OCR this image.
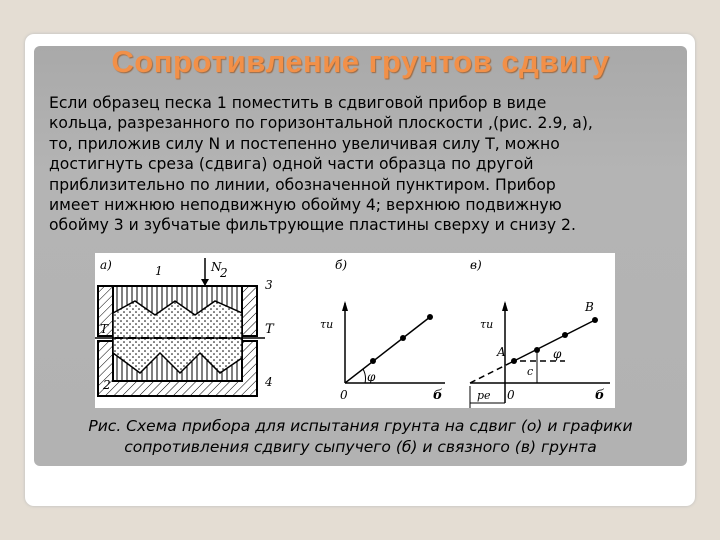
Сопротивление грунтов сдвигу
Если образец песка 1 поместить в сдвиговой прибор в виде
кольца, разрезанного по горизонтальной плоскости ,(рис. 2.9, а),
то, приложив силу N и постепенно увеличивая силу Т, можно
достигнуть среза (сдвига) одной части образца по другой
приблизительно по линии, обозначенной пунктиром. Прибор
имеет нижнюю неподвижную обойму 4; верхнюю подвижную
обойму 3 и зубчатые фильтрующие пластины сверху и снизу 2.
а)	1	N
2
3
T	T
2	4
б)
τu
φ
0	б
в)
τu
A
B
φ
c
pe 0	б
Рис. Схема прибора для испытания грунта на сдвиг (о) и графики
сопротивления сдвигу сыпучего (б) и связного (в) грунта
